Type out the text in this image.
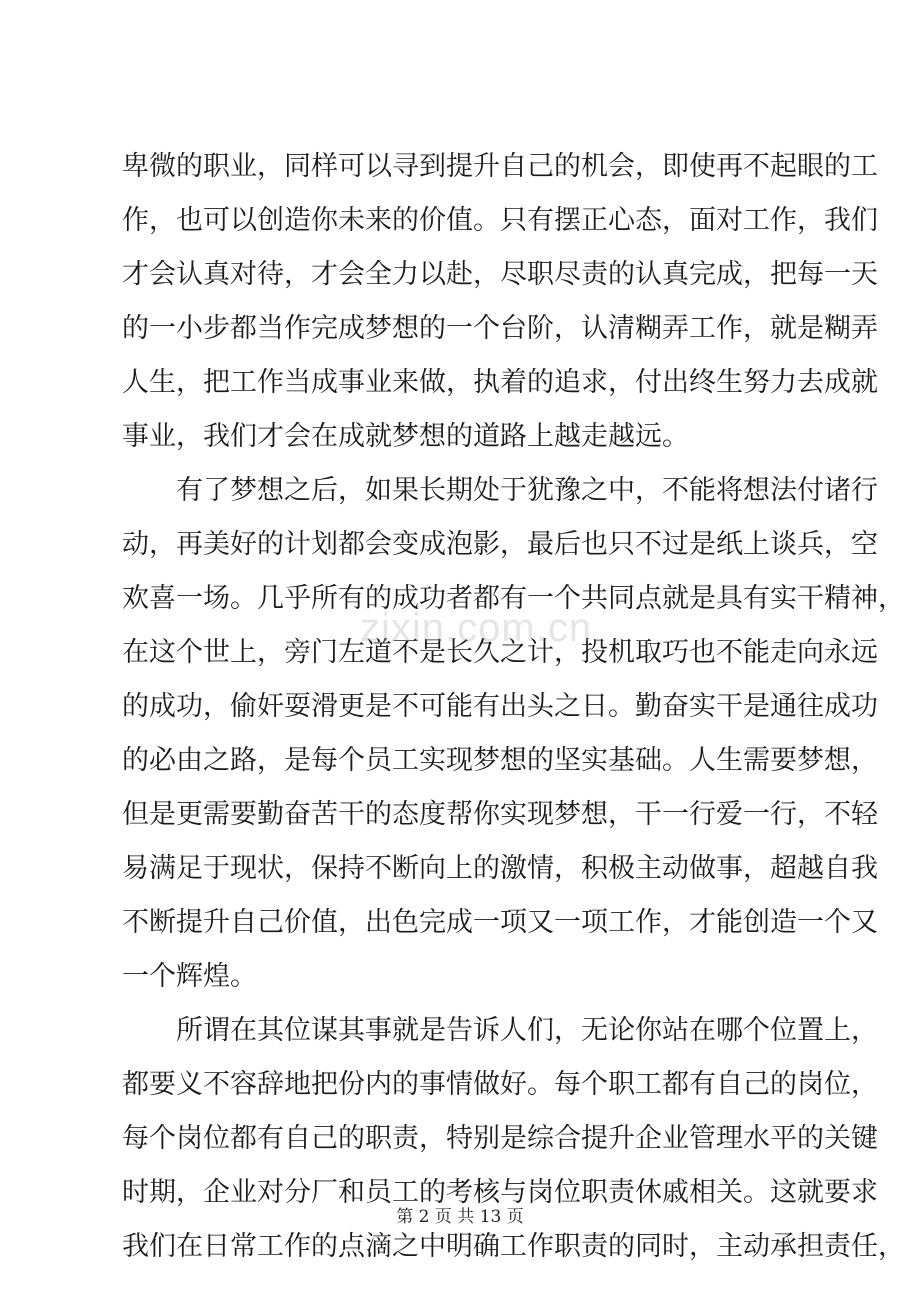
卑微的职业，同样可以寻到提升自己的机会，即使再不起眼的工
作，也可以创造你未来的价值。只有摆正心态，面对工作，我们
才会认真对待，才会全力以赴，尽职尽责的认真完成，把每一天
的一小步都当作完成梦想的一个台阶，认清糊弄工作，就是糊弄
人生，把工作当成事业来做，执着的追求，付出终生努力去成就
事业，我们才会在成就梦想的道路上越走越远。
有了梦想之后，如果长期处于犹豫之中，不能将想法付诸行
动，再美好的计划都会变成泡影，最后也只不过是纸上谈兵，空
欢喜一场。几乎所有的成功者都有一个共同点就是具有实干精神，
在这个世上，旁门左道不是长久之计，投机取巧也不能走向永远
的成功，偷奸耍滑更是不可能有出头之日。勤奋实干是通往成功
的必由之路，是每个员工实现梦想的坚实基础。人生需要梦想，
但是更需要勤奋苦干的态度帮你实现梦想，干一行爱一行，不轻
易满足于现状，保持不断向上的激情，积极主动做事，超越自我
不断提升自己价值，出色完成一项又一项工作，才能创造一个又
一个辉煌。
所谓在其位谋其事就是告诉人们，无论你站在哪个位置上，
都要义不容辞地把份内的事情做好。每个职工都有自己的岗位，
每个岗位都有自己的职责，特别是综合提升企业管理水平的关键
时期，企业对分厂和员工的考核与岗位职责休戚相关。这就要求
我们在日常工作的点滴之中明确工作职责的同时，主动承担责任，
zixin.com.cn
第 2 页 共 13 页
